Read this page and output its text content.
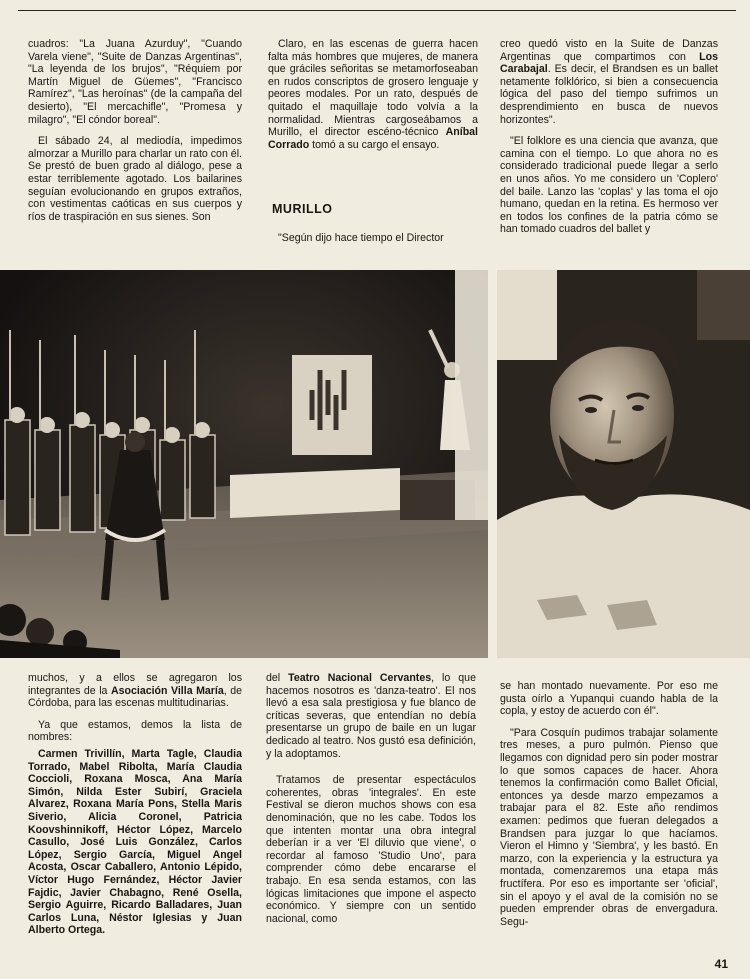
cuadros: "La Juana Azurduy", "Cuando Varela viene", "Suite de Danzas Argentinas", "La leyenda de los brujos", "Réquiem por Martín Miguel de Güemes", "Francisco Ramírez", "Las heroínas" (de la campaña del desierto), "El mercachifle", "Promesa y milagro", "El cóndor boreal".

El sábado 24, al mediodía, impedimos almorzar a Murillo para charlar un rato con él. Se prestó de buen grado al diálogo, pese a estar terriblemente agotado. Los bailarines seguían evolucionando en grupos extraños, con vestimentas caóticas en sus cuerpos y ríos de traspiración en sus sienes. Son

Claro, en las escenas de guerra hacen falta más hombres que mujeres, de manera que gráciles señoritas se metamorfoseaban en rudos conscriptos de grosero lenguaje y peores modales. Por un rato, después de quitado el maquillaje todo volvía a la normalidad. Mientras cargoseábamos a Murillo, el director escéno-técnico Aníbal Corrado tomó a su cargo el ensayo.

MURILLO

"Según dijo hace tiempo el Director

creo quedó visto en la Suite de Danzas Argentinas que compartimos con Los Carabajal. Es decir, el Brandsen es un ballet netamente folklórico, si bien a consecuencia lógica del paso del tiempo sufrimos un desprendimiento en busca de nuevos horizontes".

"El folklore es una ciencia que avanza, que camina con el tiempo. Lo que ahora no es considerado tradicional puede llegar a serlo en unos años. Yo me considero un 'Coplero' del baile. Lanzo las 'coplas' y las toma el ojo humano, quedan en la retina. Es hermoso ver en todos los confines de la patria cómo se han tomado cuadros del ballet y

muchos, y a ellos se agregaron los integrantes de la Asociación Villa María, de Córdoba, para las escenas multitudinarias.

Ya que estamos, demos la lista de nombres:

Carmen Trivillín, Marta Tagle, Claudia Torrado, Mabel Ribolta, María Claudia Coccioli, Roxana Mosca, Ana María Simón, Nilda Ester Subirí, Graciela Alvarez, Roxana María Pons, Stella Maris Siverio, Alicia Coronel, Patricia Koovshinnikoff, Héctor López, Marcelo Casullo, José Luis González, Carlos López, Sergio García, Miguel Angel Acosta, Oscar Caballero, Antonio Lépido, Víctor Hugo Fernández, Héctor Javier Fajdic, Javier Chabagno, René Osella, Sergio Aguirre, Ricardo Balladares, Juan Carlos Luna, Néstor Iglesias y Juan Alberto Ortega.

del Teatro Nacional Cervantes, lo que hacemos nosotros es 'danza-teatro'. El nos llevó a esa sala prestigiosa y fue blanco de críticas severas, que entendían no debía presentarse un grupo de baile en un lugar dedicado al teatro. Nos gustó esa definición, y la adoptamos.

Tratamos de presentar espectáculos coherentes, obras 'integrales'. En este Festival se dieron muchos shows con esa denominación, que no les cabe. Todos los que intenten montar una obra integral deberían ir a ver 'El diluvio que viene', o recordar al famoso 'Studio Uno', para comprender cómo debe encararse el trabajo. En esa senda estamos, con las lógicas limitaciones que impone el aspecto económico. Y siempre con un sentido nacional, como

se han montado nuevamente. Por eso me gusta oírlo a Yupanqui cuando habla de la copla, y estoy de acuerdo con él".

"Para Cosquín pudimos trabajar solamente tres meses, a puro pulmón. Pienso que llegamos con dignidad pero sin poder mostrar lo que somos capaces de hacer. Ahora tenemos la confirmación como Ballet Oficial, entonces ya desde marzo empezamos a trabajar para el 82. Este año rendimos examen: pedimos que fueran delegados a Brandsen para juzgar lo que hacíamos. Vieron el Himno y 'Siembra', y les bastó. En marzo, con la experiencia y la estructura ya montada, comenzaremos una etapa más fructífera. Por eso es importante ser 'oficial', sin el apoyo y el aval de la comisión no se pueden emprender obras de envergadura. Segu-

41
